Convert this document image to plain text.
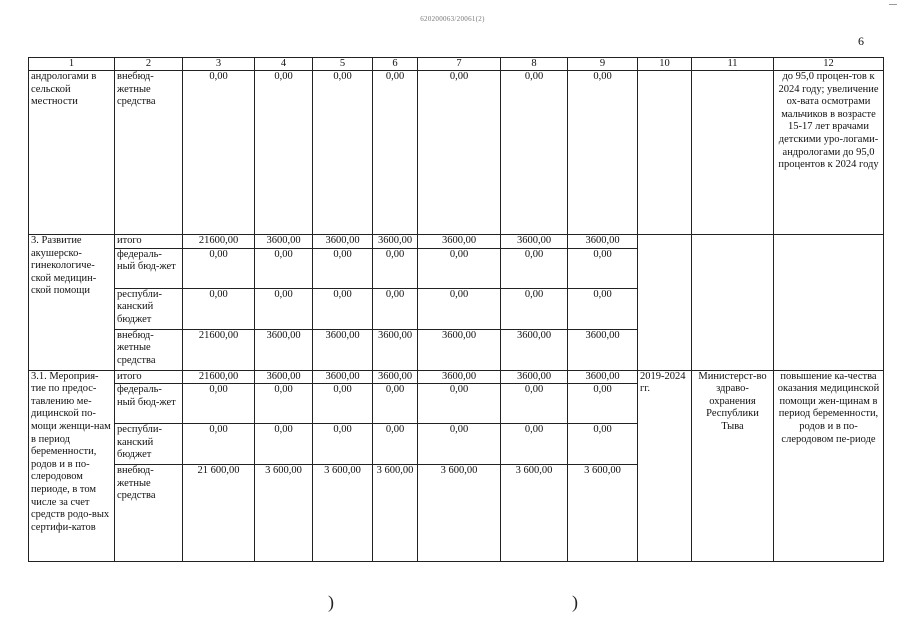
620200063/20061(2)
6
1	2	3	4	5	6	7	8	9	10	11	12
андрологами в сельской местности	внебюд-жетные средства	0,00	0,00	0,00	0,00	0,00	0,00	0,00			до 95,0 процен-тов к 2024 году; увеличение ох-вата осмотрами мальчиков в возрасте 15-17 лет врачами детскими уро-логами-андрологами до 95,0 процентов к 2024 году
3. Развитие акушерско-гинекологиче-ской медицин-ской помощи	итого	21600,00	3600,00	3600,00	3600,00	3600,00	3600,00	3600,00			
	федераль-ный бюд-жет	0,00	0,00	0,00	0,00	0,00	0,00	0,00			
	республи-канский бюджет	0,00	0,00	0,00	0,00	0,00	0,00	0,00			
	внебюд-жетные средства	21600,00	3600,00	3600,00	3600,00	3600,00	3600,00	3600,00			
3.1. Мероприя-тие по предос-тавлению ме-дицинской по-мощи женщи-нам в период беременности, родов и в по-слеродовом периоде, в том числе за счет средств родо-вых сертифи-катов	итого	21600,00	3600,00	3600,00	3600,00	3600,00	3600,00	3600,00	2019-2024 гг.	Министерст-во здраво-охранения Республики Тыва	повышение ка-чества оказания медицинской помощи жен-щинам в период беременности, родов и в по-слеродовом пе-риоде
	федераль-ный бюд-жет	0,00	0,00	0,00	0,00	0,00	0,00	0,00			
	республи-канский бюджет	0,00	0,00	0,00	0,00	0,00	0,00	0,00			
	внебюд-жетные средства	21 600,00	3 600,00	3 600,00	3 600,00	3 600,00	3 600,00	3 600,00			
)	)
